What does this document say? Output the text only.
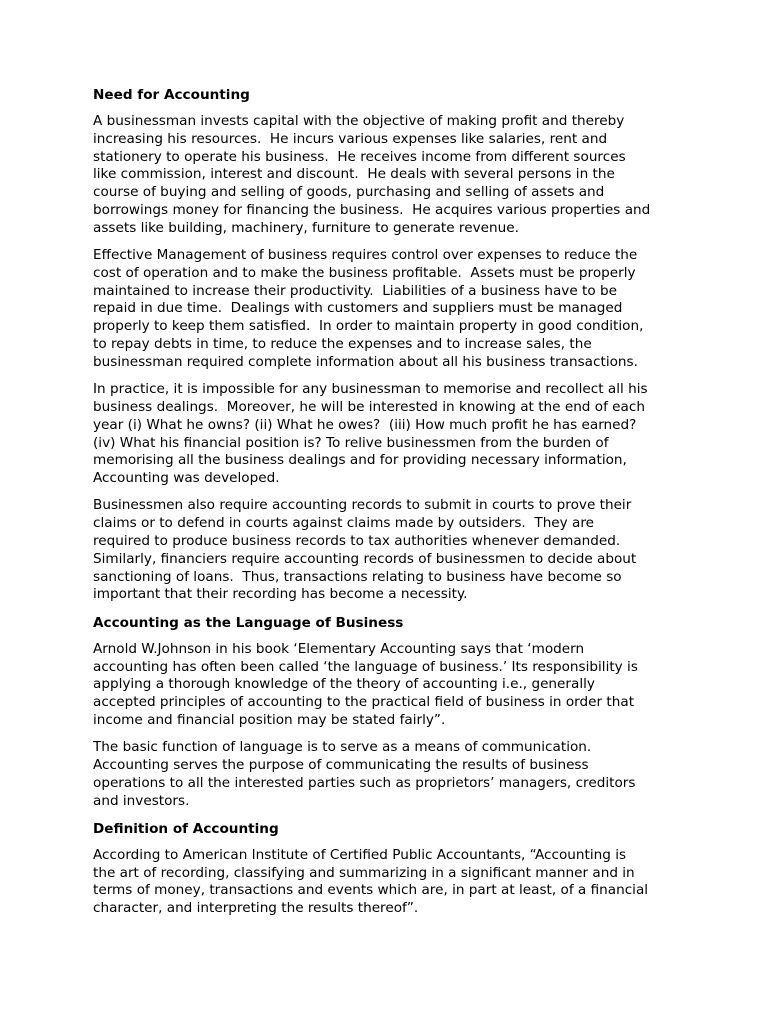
Need for Accounting
A businessman invests capital with the objective of making profit and thereby
increasing his resources.  He incurs various expenses like salaries, rent and
stationery to operate his business.  He receives income from different sources
like commission, interest and discount.  He deals with several persons in the
course of buying and selling of goods, purchasing and selling of assets and
borrowings money for financing the business.  He acquires various properties and
assets like building, machinery, furniture to generate revenue.
Effective Management of business requires control over expenses to reduce the
cost of operation and to make the business profitable.  Assets must be properly
maintained to increase their productivity.  Liabilities of a business have to be
repaid in due time.  Dealings with customers and suppliers must be managed
properly to keep them satisfied.  In order to maintain property in good condition,
to repay debts in time, to reduce the expenses and to increase sales, the
businessman required complete information about all his business transactions.
In practice, it is impossible for any businessman to memorise and recollect all his
business dealings.  Moreover, he will be interested in knowing at the end of each
year (i) What he owns? (ii) What he owes?  (iii) How much profit he has earned?
(iv) What his financial position is? To relive businessmen from the burden of
memorising all the business dealings and for providing necessary information,
Accounting was developed.
Businessmen also require accounting records to submit in courts to prove their
claims or to defend in courts against claims made by outsiders.  They are
required to produce business records to tax authorities whenever demanded.
Similarly, financiers require accounting records of businessmen to decide about
sanctioning of loans.  Thus, transactions relating to business have become so
important that their recording has become a necessity.
Accounting as the Language of Business
Arnold W.Johnson in his book ‘Elementary Accounting says that ‘modern
accounting has often been called ‘the language of business.’ Its responsibility is
applying a thorough knowledge of the theory of accounting i.e., generally
accepted principles of accounting to the practical field of business in order that
income and financial position may be stated fairly”.
The basic function of language is to serve as a means of communication.
Accounting serves the purpose of communicating the results of business
operations to all the interested parties such as proprietors’ managers, creditors
and investors.
Definition of Accounting
According to American Institute of Certified Public Accountants, “Accounting is
the art of recording, classifying and summarizing in a significant manner and in
terms of money, transactions and events which are, in part at least, of a financial
character, and interpreting the results thereof”.
